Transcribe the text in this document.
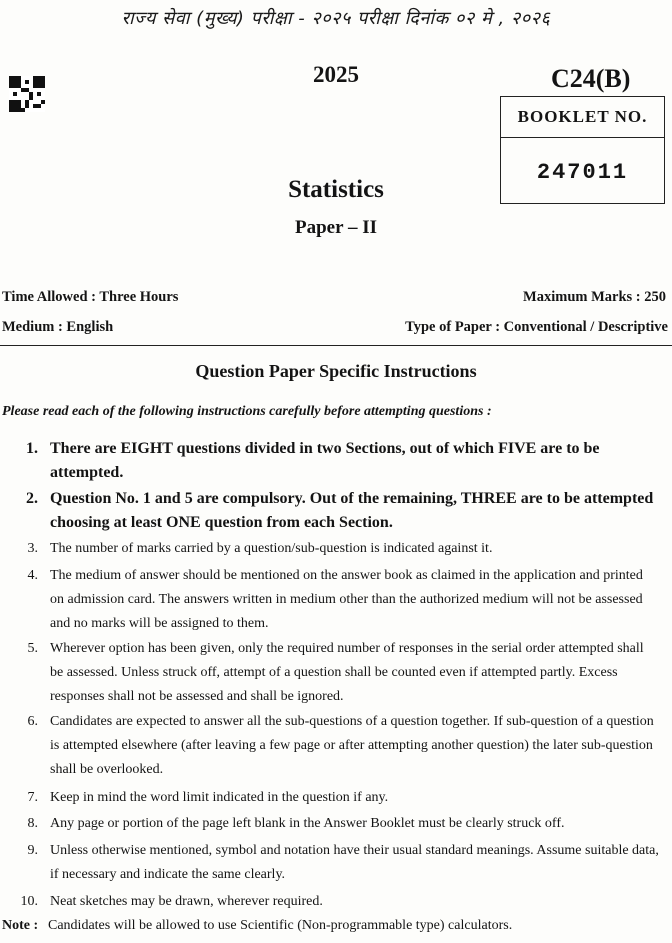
राज्य सेवा (मुख्य) परीक्षा - २०२५ परीक्षा दिनांक ०२ मे , २०२६
2025	C24(B)
BOOKLET NO.
247011
Statistics
Paper – II
Time Allowed : Three Hours	Maximum Marks : 250
Medium : English	Type of Paper : Conventional / Descriptive
Question Paper Specific Instructions
Please read each of the following instructions carefully before attempting questions :
1. There are EIGHT questions divided in two Sections, out of which FIVE are to be attempted.
2. Question No. 1 and 5 are compulsory. Out of the remaining, THREE are to be attempted choosing at least ONE question from each Section.
3. The number of marks carried by a question/sub-question is indicated against it.
4. The medium of answer should be mentioned on the answer book as claimed in the application and printed on admission card. The answers written in medium other than the authorized medium will not be assessed and no marks will be assigned to them.
5. Wherever option has been given, only the required number of responses in the serial order attempted shall be assessed. Unless struck off, attempt of a question shall be counted even if attempted partly. Excess responses shall not be assessed and shall be ignored.
6. Candidates are expected to answer all the sub-questions of a question together. If sub-question of a question is attempted elsewhere (after leaving a few page or after attempting another question) the later sub-question shall be overlooked.
7. Keep in mind the word limit indicated in the question if any.
8. Any page or portion of the page left blank in the Answer Booklet must be clearly struck off.
9. Unless otherwise mentioned, symbol and notation have their usual standard meanings. Assume suitable data, if necessary and indicate the same clearly.
10. Neat sketches may be drawn, wherever required.
Note : Candidates will be allowed to use Scientific (Non-programmable type) calculators.
